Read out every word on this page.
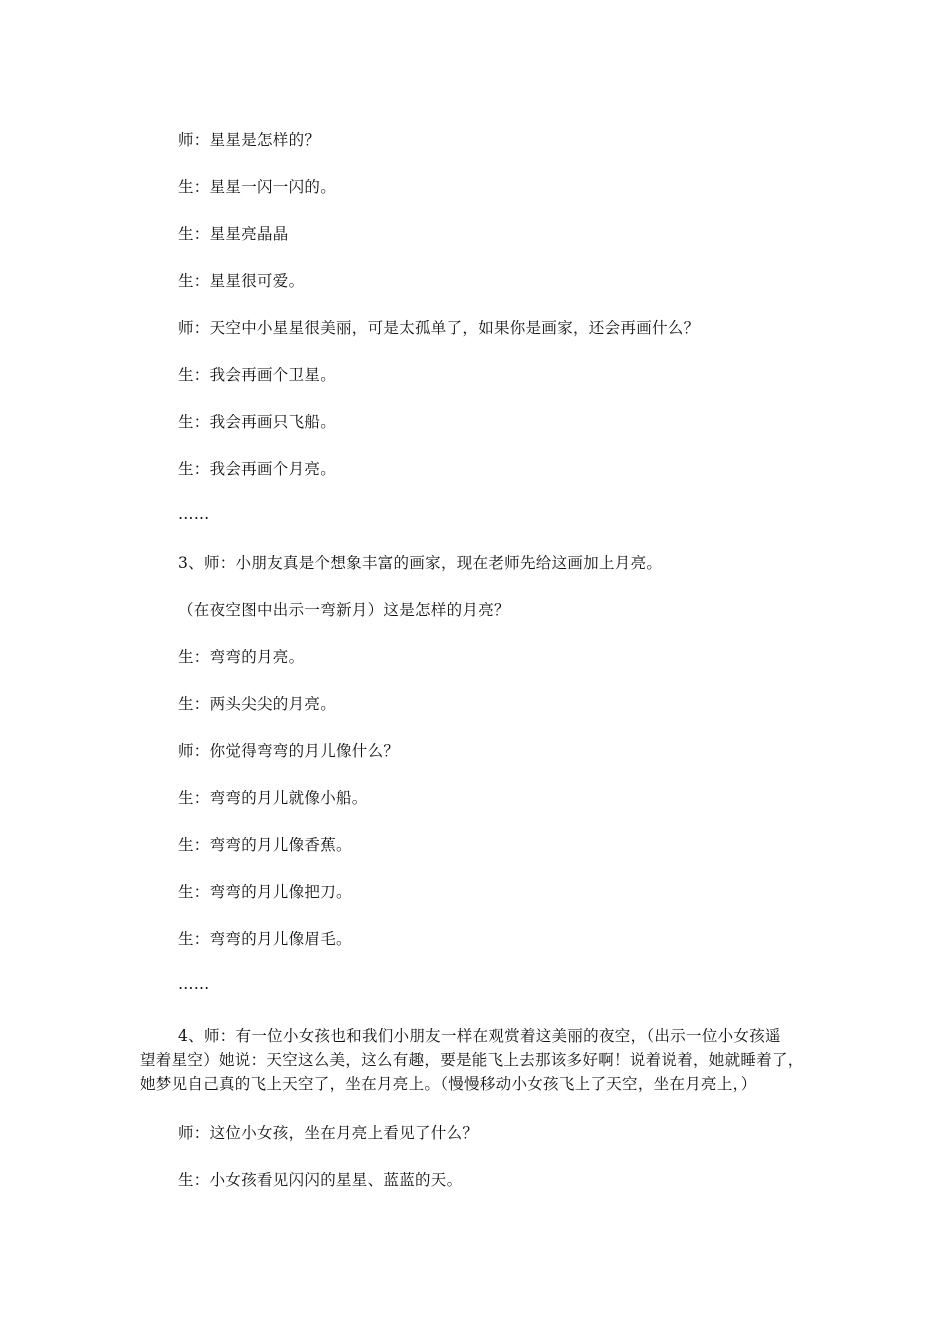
师：星星是怎样的？
生：星星一闪一闪的。
生：星星亮晶晶
生：星星很可爱。
师：天空中小星星很美丽，可是太孤单了，如果你是画家，还会再画什么？
生：我会再画个卫星。
生：我会再画只飞船。
生：我会再画个月亮。
……
3、师：小朋友真是个想象丰富的画家，现在老师先给这画加上月亮。
（在夜空图中出示一弯新月）这是怎样的月亮？
生：弯弯的月亮。
生：两头尖尖的月亮。
师：你觉得弯弯的月儿像什么？
生：弯弯的月儿就像小船。
生：弯弯的月儿像香蕉。
生：弯弯的月儿像把刀。
生：弯弯的月儿像眉毛。
……
4、师：有一位小女孩也和我们小朋友一样在观赏着这美丽的夜空，（出示一位小女孩遥
望着星空）她说：天空这么美，这么有趣，要是能飞上去那该多好啊！说着说着，她就睡着了，
她梦见自己真的飞上天空了，坐在月亮上。（慢慢移动小女孩飞上了天空，坐在月亮上，）
师：这位小女孩，坐在月亮上看见了什么？
生：小女孩看见闪闪的星星、蓝蓝的天。
